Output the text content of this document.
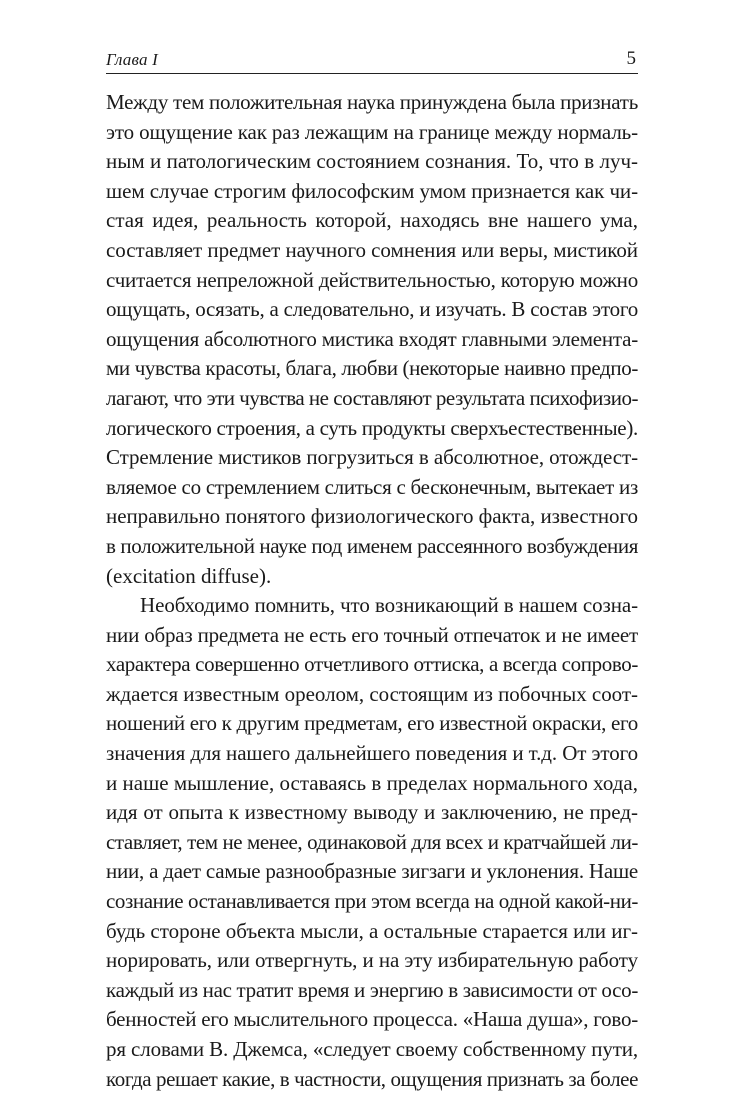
Глава I	5
Между тем положительная наука принуждена была признать
это ощущение как раз лежащим на границе между нормаль-
ным и патологическим состоянием сознания. То, что в луч-
шем случае строгим философским умом признается как чи-
стая идея, реальность которой, находясь вне нашего ума,
составляет предмет научного сомнения или веры, мистикой
считается непреложной действительностью, которую можно
ощущать, осязать, а следовательно, и изучать. В состав этого
ощущения абсолютного мистика входят главными элемента-
ми чувства красоты, блага, любви (некоторые наивно предпо-
лагают, что эти чувства не составляют результата психофизио-
логического строения, а суть продукты сверхъестественные).
Стремление мистиков погрузиться в абсолютное, отождест-
вляемое со стремлением слиться с бесконечным, вытекает из
неправильно понятого физиологического факта, известного
в положительной науке под именем рассеянного возбуждения
(excitation diffuse).
Необходимо помнить, что возникающий в нашем созна-
нии образ предмета не есть его точный отпечаток и не имеет
характера совершенно отчетливого оттиска, а всегда сопрово-
ждается известным ореолом, состоящим из побочных соот-
ношений его к другим предметам, его известной окраски, его
значения для нашего дальнейшего поведения и т.д. От этого
и наше мышление, оставаясь в пределах нормального хода,
идя от опыта к известному выводу и заключению, не пред-
ставляет, тем не менее, одинаковой для всех и кратчайшей ли-
нии, а дает самые разнообразные зигзаги и уклонения. Наше
сознание останавливается при этом всегда на одной какой-ни-
будь стороне объекта мысли, а остальные старается или иг-
норировать, или отвергнуть, и на эту избирательную работу
каждый из нас тратит время и энергию в зависимости от осо-
бенностей его мыслительного процесса. «Наша душа», гово-
ря словами В. Джемса, «следует своему собственному пути,
когда решает какие, в частности, ощущения признать за более
